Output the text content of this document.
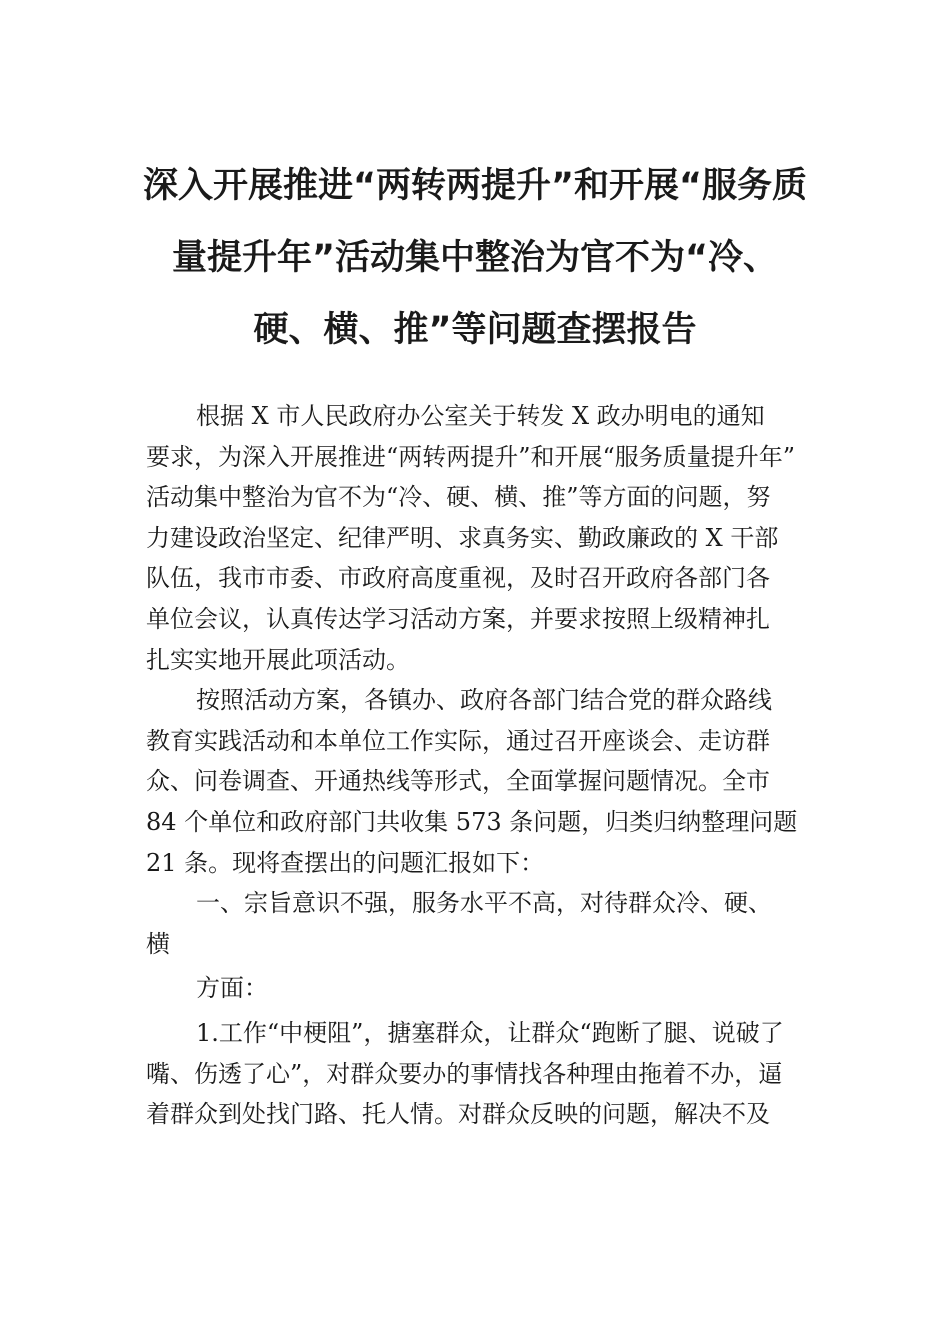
深入开展推进“两转两提升”和开展“服务质
量提升年”活动集中整治为官不为“冷、
硬、横、推”等问题查摆报告
根据 X 市人民政府办公室关于转发 X 政办明电的通知
要求，为深入开展推进“两转两提升”和开展“服务质量提升年”
活动集中整治为官不为“冷、硬、横、推”等方面的问题，努
力建设政治坚定、纪律严明、求真务实、勤政廉政的 X 干部
队伍，我市市委、市政府高度重视，及时召开政府各部门各
单位会议，认真传达学习活动方案，并要求按照上级精神扎
扎实实地开展此项活动。
按照活动方案，各镇办、政府各部门结合党的群众路线
教育实践活动和本单位工作实际，通过召开座谈会、走访群
众、问卷调查、开通热线等形式，全面掌握问题情况。全市
84 个单位和政府部门共收集 573 条问题，归类归纳整理问题
21 条。现将查摆出的问题汇报如下：
一、宗旨意识不强，服务水平不高，对待群众冷、硬、
横
方面：
1.工作“中梗阻”，搪塞群众，让群众“跑断了腿、说破了
嘴、伤透了心”，对群众要办的事情找各种理由拖着不办，逼
着群众到处找门路、托人情。对群众反映的问题，解决不及
